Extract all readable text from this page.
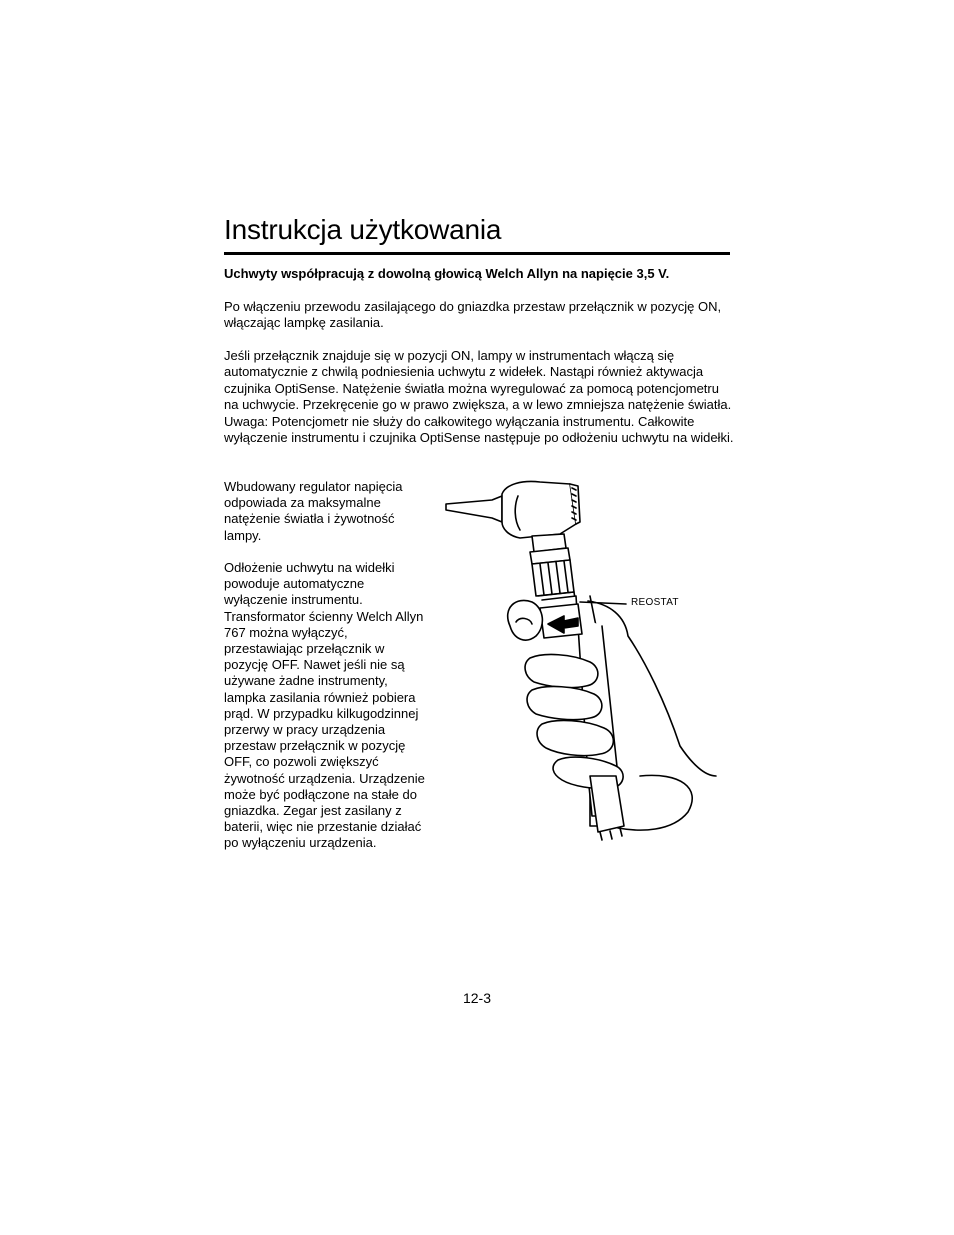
Instrukcja użytkowania

Uchwyty współpracują z dowolną głowicą Welch Allyn na napięcie 3,5 V.

Po włączeniu przewodu zasilającego do gniazdka przestaw przełącznik w pozycję ON, włączając lampkę zasilania.

Jeśli przełącznik znajduje się w pozycji ON, lampy w instrumentach włączą się automatycznie z chwilą podniesienia uchwytu z widełek. Nastąpi również aktywacja czujnika OptiSense. Natężenie światła można wyregulować za pomocą potencjometru na uchwycie. Przekręcenie go w prawo zwiększa, a w lewo zmniejsza natężenie światła. Uwaga: Potencjometr nie służy do całkowitego wyłączania instrumentu. Całkowite wyłączenie instrumentu i czujnika OptiSense następuje po odłożeniu uchwytu na widełki.

Wbudowany regulator napięcia odpowiada za maksymalne natężenie światła i żywotność lampy.

Odłożenie uchwytu na widełki powoduje automatyczne wyłączenie instrumentu. Transformator ścienny Welch Allyn 767 można wyłączyć, przestawiając przełącznik w pozycję OFF. Nawet jeśli nie są używane żadne instrumenty, lampka zasilania również pobiera prąd. W przypadku kilkugodzinnej przerwy w pracy urządzenia przestaw przełącznik w pozycję OFF, co pozwoli zwiększyć żywotność urządzenia. Urządzenie może być podłączone na stałe do gniazdka. Zegar jest zasilany z baterii, więc nie przestanie działać po wyłączeniu urządzenia.

REOSTAT
12-3
